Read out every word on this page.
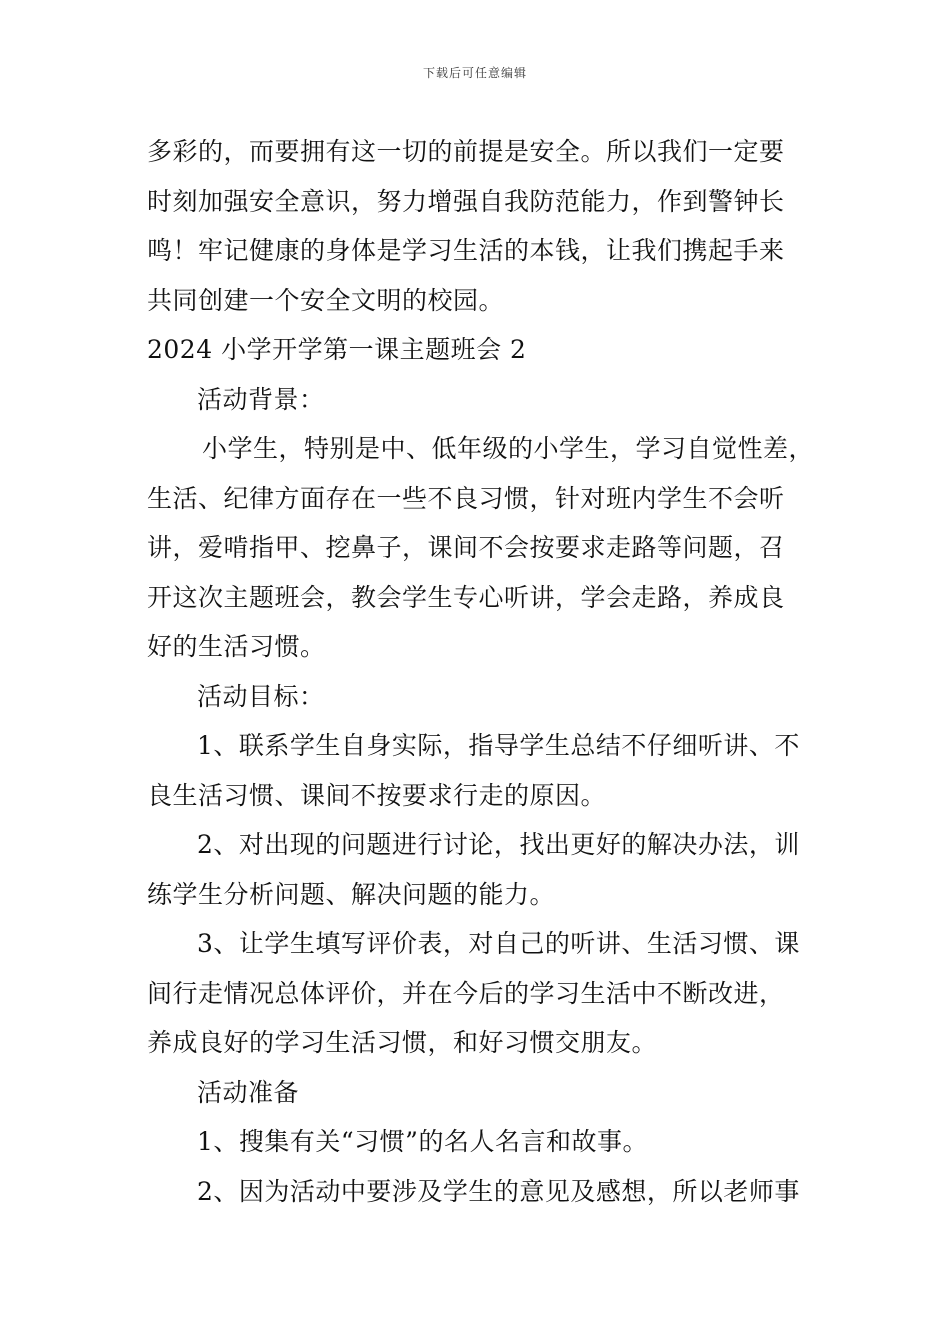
下载后可任意编辑
多彩的，而要拥有这一切的前提是安全。所以我们一定要
时刻加强安全意识，努力增强自我防范能力，作到警钟长
鸣！牢记健康的身体是学习生活的本钱，让我们携起手来
共同创建一个安全文明的校园。
2024 小学开学第一课主题班会 2
活动背景：
小学生，特别是中、低年级的小学生，学习自觉性差，
生活、纪律方面存在一些不良习惯，针对班内学生不会听
讲，爱啃指甲、挖鼻子，课间不会按要求走路等问题，召
开这次主题班会，教会学生专心听讲，学会走路，养成良
好的生活习惯。
活动目标：
1、联系学生自身实际，指导学生总结不仔细听讲、不
良生活习惯、课间不按要求行走的原因。
2、对出现的问题进行讨论，找出更好的解决办法，训
练学生分析问题、解决问题的能力。
3、让学生填写评价表，对自己的听讲、生活习惯、课
间行走情况总体评价，并在今后的学习生活中不断改进，
养成良好的学习生活习惯，和好习惯交朋友。
活动准备
1、搜集有关“习惯”的名人名言和故事。
2、因为活动中要涉及学生的意见及感想，所以老师事
